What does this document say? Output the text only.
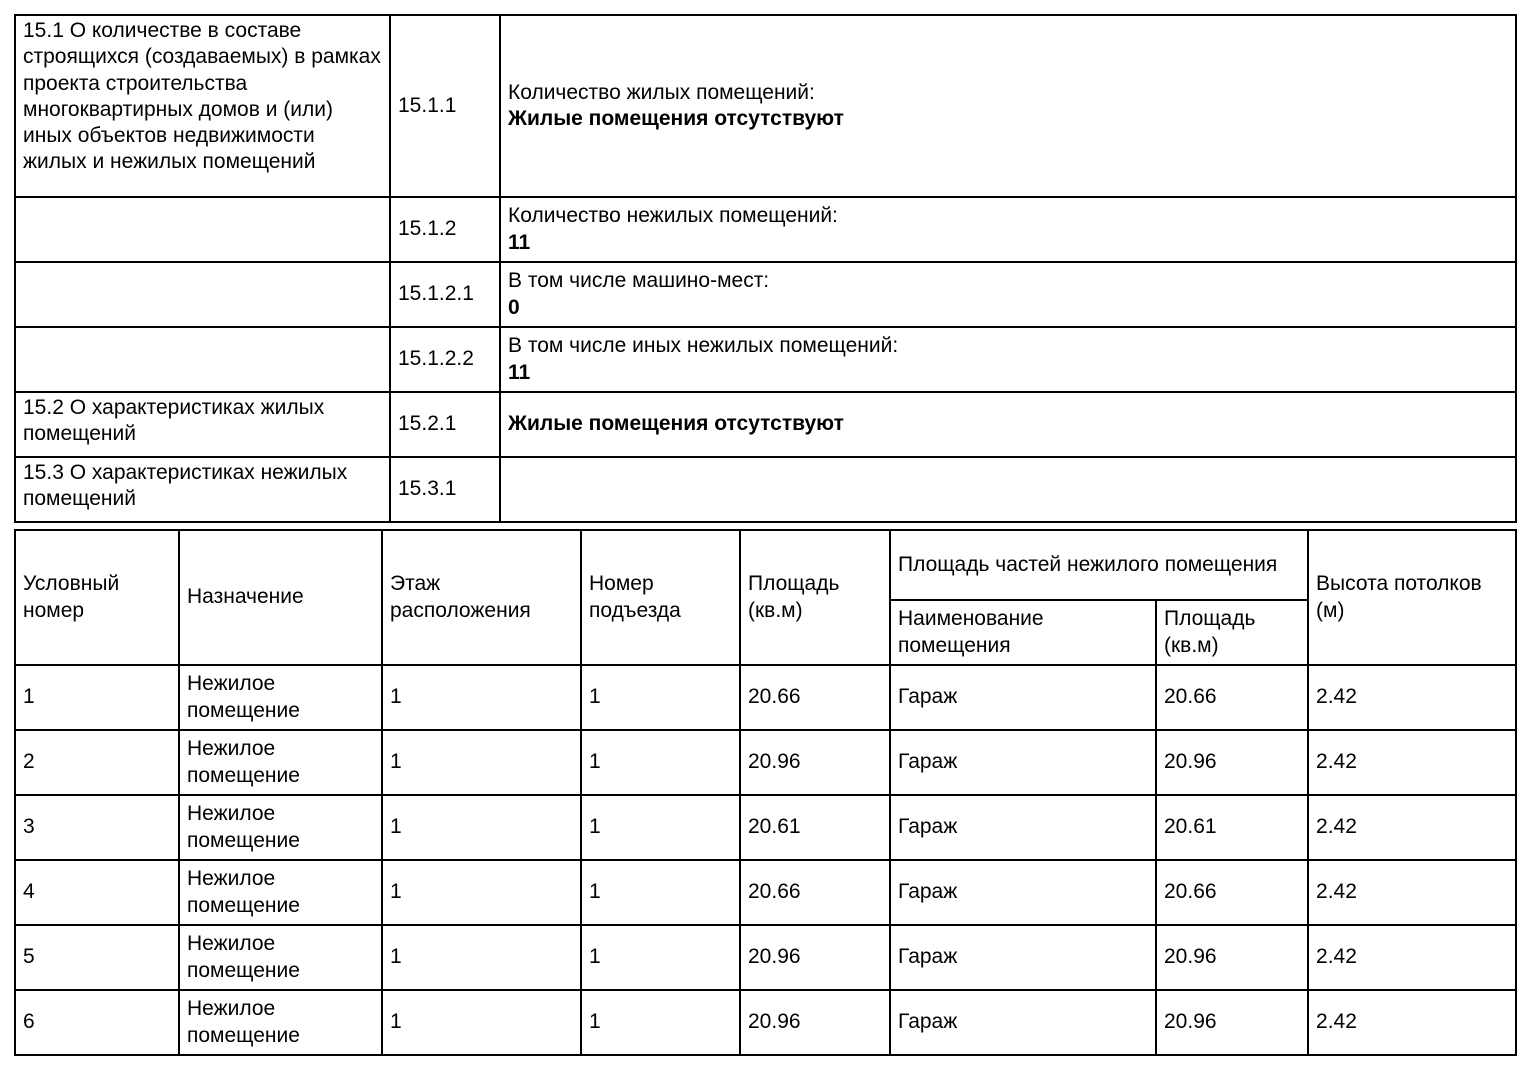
15.1 О количестве в составе строящихся (создаваемых) в рамках проекта строительства многоквартирных домов и (или) иных объектов недвижимости жилых и нежилых помещений	15.1.1	Количество жилых помещений:
Жилые помещения отсутствуют

	15.1.2	Количество нежилых помещений:
11

	15.1.2.1	В том числе машино-мест:
0

	15.1.2.2	В том числе иных нежилых помещений:
11

15.2 О характеристиках жилых помещений	15.2.1	Жилые помещения отсутствуют

15.3 О характеристиках нежилых помещений	15.3.1	
Условный номер	Назначение	Этаж расположения	Номер подъезда	Площадь (кв.м)	Площадь частей нежилого помещения		Высота потолков (м)
					Наименование помещения	Площадь (кв.м)	
1	Нежилое помещение	1	1	20.66	Гараж	20.66	2.42
2	Нежилое помещение	1	1	20.96	Гараж	20.96	2.42
3	Нежилое помещение	1	1	20.61	Гараж	20.61	2.42
4	Нежилое помещение	1	1	20.66	Гараж	20.66	2.42
5	Нежилое помещение	1	1	20.96	Гараж	20.96	2.42
6	Нежилое помещение	1	1	20.96	Гараж	20.96	2.42
